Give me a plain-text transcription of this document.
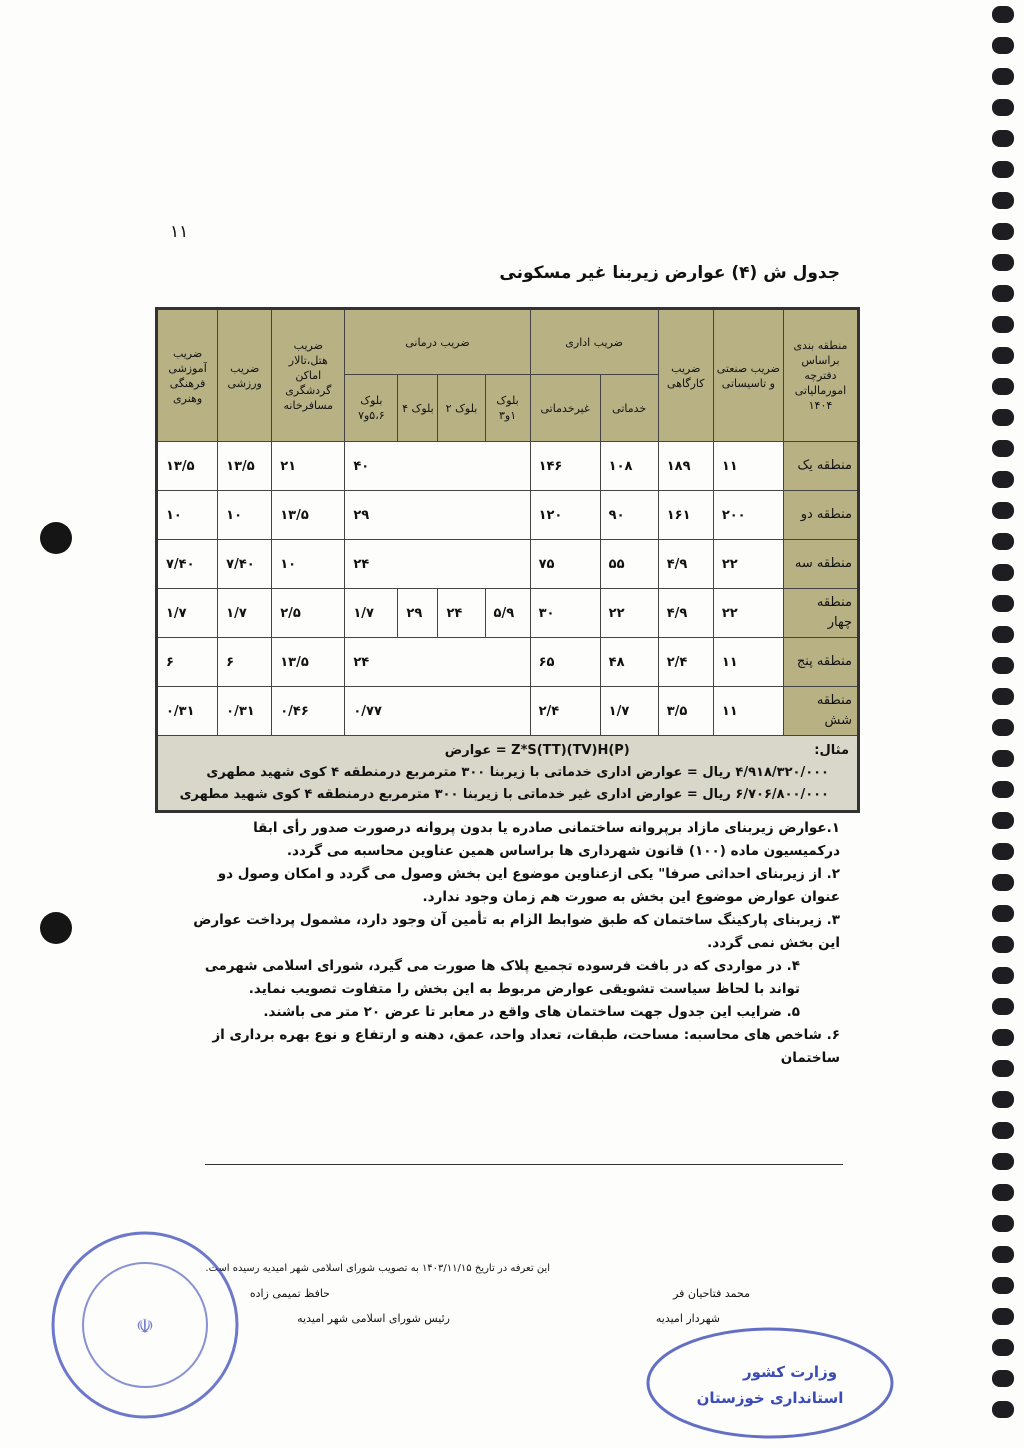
۱۱
جدول ش (۴) عوارض زیربنا غیر مسکونی
منطقه بندی براساس دفترچه امورمالیاتی ۱۴۰۴	ضریب صنعتی و تاسیساتی	ضریب کارگاهی	ضریب اداری		ضریب درمانی				ضریب هتل،تالار اماکن گردشگری مسافرخانه	ضریب ورزشی	ضریب آموزشی فرهنگی وهنری
			خدماتی	غیرخدماتی	بلوک ۱و۳	بلوک ۲	بلوک ۴	بلوک ۵،۶و۷			
منطقه یک	۱۱	۱۸۹	۱۰۸	۱۴۶	۴۰				۲۱	۱۳/۵	۱۳/۵
منطقه دو	۲۰۰	۱۶۱	۹۰	۱۲۰	۲۹				۱۳/۵	۱۰	۱۰
منطقه سه	۲۲	۴/۹	۵۵	۷۵	۲۴				۱۰	۷/۴۰	۷/۴۰
منطقه چهار	۲۲	۴/۹	۲۲	۳۰	۵/۹	۲۴	۲۹	۱/۷	۲/۵	۱/۷	۱/۷
منطقه پنج	۱۱	۲/۴	۴۸	۶۵	۲۴				۱۳/۵	۶	۶
منطقه شش	۱۱	۳/۵	۱/۷	۲/۴	۰/۷۷				۰/۴۶	۰/۳۱	۰/۳۱

مثال: Z*S(TT)(TV)H(P) = عوارض
۴/۹۱۸/۳۲۰/۰۰۰ ریال = عوارض اداری خدماتی با زیربنا ۳۰۰ مترمربع درمنطقه ۴ کوی شهید مطهری
۶/۷۰۶/۸۰۰/۰۰۰ ریال = عوارض اداری غیر خدماتی با زیربنا ۳۰۰ مترمربع درمنطقه ۴ کوی شهید مطهری											
۱.عوارض زیربنای مازاد برپروانه ساختمانی صادره یا بدون پروانه درصورت صدور رأی ابقا درکمیسیون ماده (۱۰۰) قانون شهرداری ها براساس همین عناوین محاسبه می گردد.
۲. از زیربنای احداثی صرفا" یکی ازعناوین موضوع این بخش وصول می گردد و امکان وصول دو عنوان عوارض موضوع این بخش به صورت هم زمان وجود ندارد.
۳. زیربنای پارکینگ ساختمان که طبق ضوابط الزام به تأمین آن وجود دارد، مشمول پرداخت عوارض این بخش نمی گردد.
۴. در مواردی که در بافت فرسوده تجمیع پلاک ها صورت می گیرد، شورای اسلامی شهرمی تواند با لحاظ سیاست تشویقی عوارض مربوط به این بخش را متفاوت تصویب نماید.
۵. ضرایب این جدول جهت ساختمان های واقع در معابر تا عرض ۲۰ متر می باشند.
۶. شاخص های محاسبه: مساحت، طبقات، تعداد واحد، عمق، دهنه و ارتفاع و نوع بهره برداری از ساختمان
این تعرفه در تاریخ ۱۴۰۳/۱۱/۱۵ به تصویب شورای اسلامی شهر امیدیه رسیده است.
حافظ تمیمی زاده
رئیس شورای اسلامی شهر امیدیه
محمد فتاحیان فر
شهردار امیدیه
☫
وزارت کشور
استانداری خوزستان
